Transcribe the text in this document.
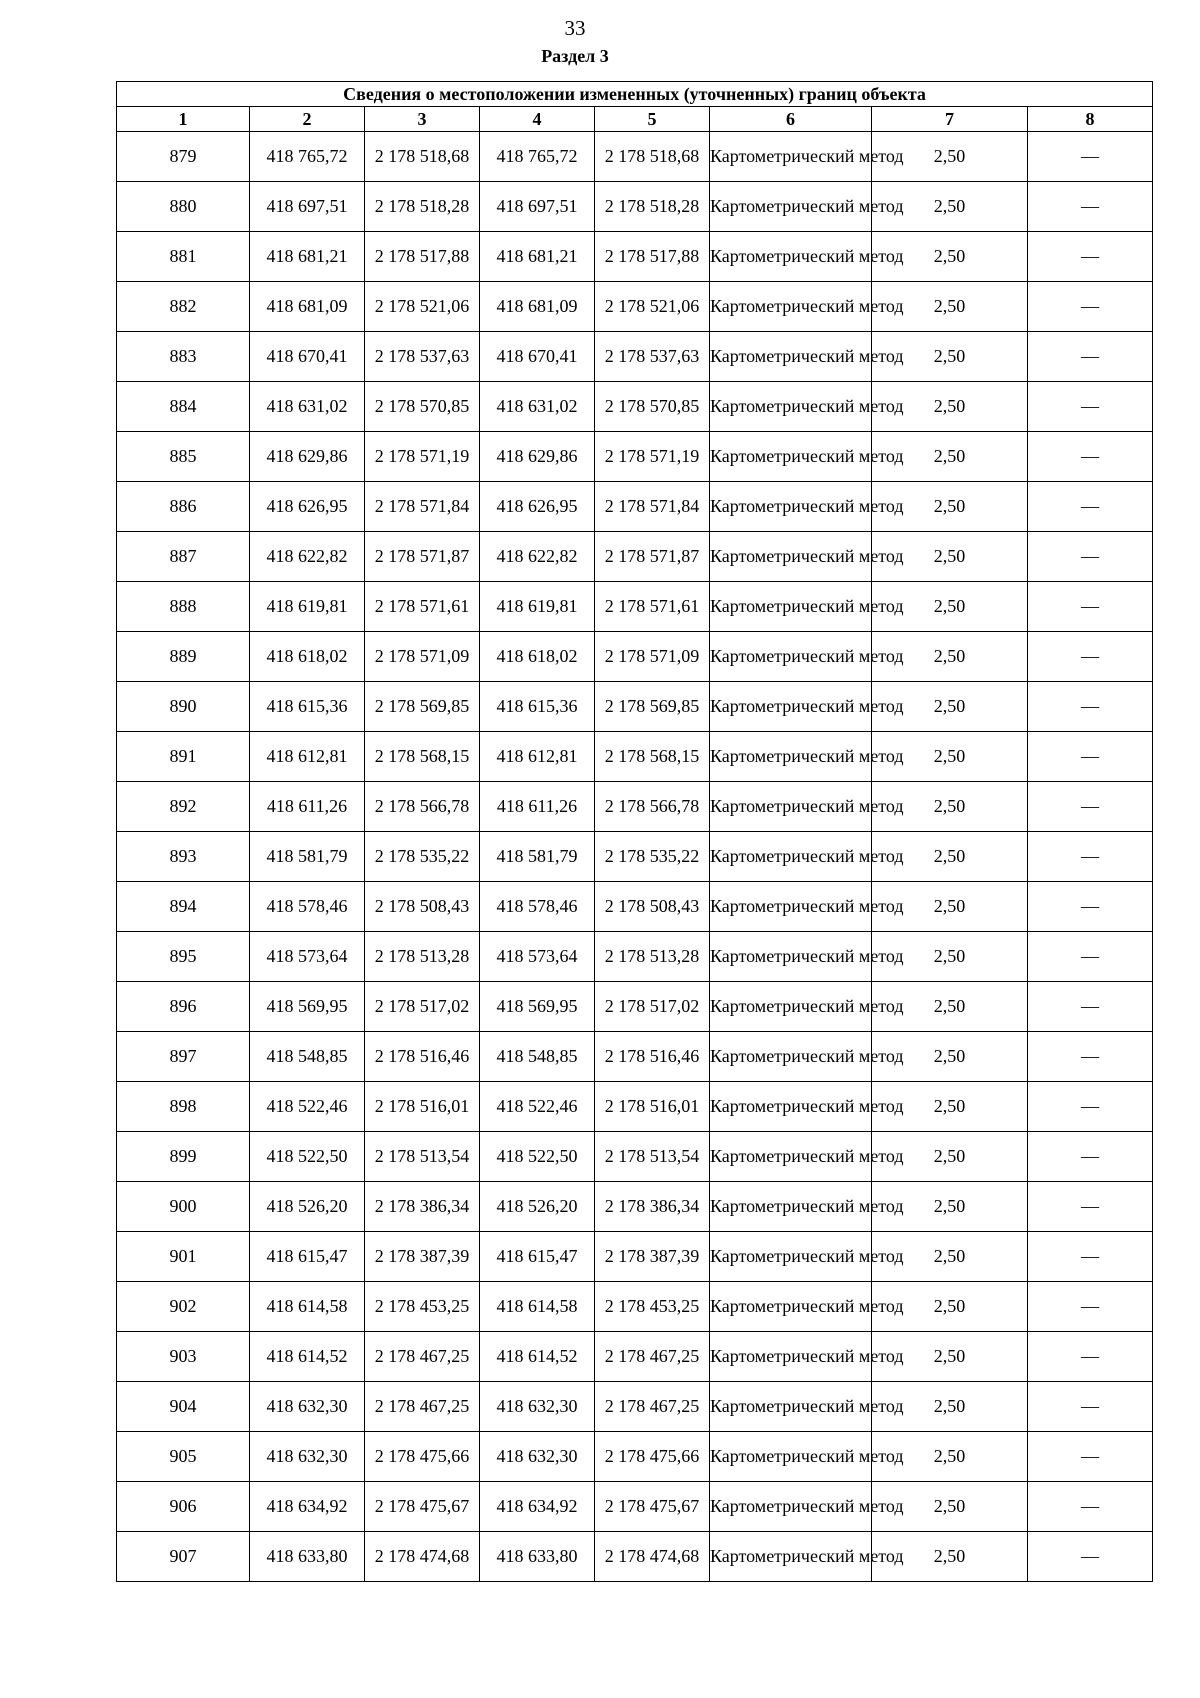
33
Раздел 3
Сведения о местоположении измененных (уточненных) границ объекта							
1	2	3	4	5	6	7	8
879	418 765,72	2 178 518,68	418 765,72	2 178 518,68	Картометрический метод	2,50	—
880	418 697,51	2 178 518,28	418 697,51	2 178 518,28	Картометрический метод	2,50	—
881	418 681,21	2 178 517,88	418 681,21	2 178 517,88	Картометрический метод	2,50	—
882	418 681,09	2 178 521,06	418 681,09	2 178 521,06	Картометрический метод	2,50	—
883	418 670,41	2 178 537,63	418 670,41	2 178 537,63	Картометрический метод	2,50	—
884	418 631,02	2 178 570,85	418 631,02	2 178 570,85	Картометрический метод	2,50	—
885	418 629,86	2 178 571,19	418 629,86	2 178 571,19	Картометрический метод	2,50	—
886	418 626,95	2 178 571,84	418 626,95	2 178 571,84	Картометрический метод	2,50	—
887	418 622,82	2 178 571,87	418 622,82	2 178 571,87	Картометрический метод	2,50	—
888	418 619,81	2 178 571,61	418 619,81	2 178 571,61	Картометрический метод	2,50	—
889	418 618,02	2 178 571,09	418 618,02	2 178 571,09	Картометрический метод	2,50	—
890	418 615,36	2 178 569,85	418 615,36	2 178 569,85	Картометрический метод	2,50	—
891	418 612,81	2 178 568,15	418 612,81	2 178 568,15	Картометрический метод	2,50	—
892	418 611,26	2 178 566,78	418 611,26	2 178 566,78	Картометрический метод	2,50	—
893	418 581,79	2 178 535,22	418 581,79	2 178 535,22	Картометрический метод	2,50	—
894	418 578,46	2 178 508,43	418 578,46	2 178 508,43	Картометрический метод	2,50	—
895	418 573,64	2 178 513,28	418 573,64	2 178 513,28	Картометрический метод	2,50	—
896	418 569,95	2 178 517,02	418 569,95	2 178 517,02	Картометрический метод	2,50	—
897	418 548,85	2 178 516,46	418 548,85	2 178 516,46	Картометрический метод	2,50	—
898	418 522,46	2 178 516,01	418 522,46	2 178 516,01	Картометрический метод	2,50	—
899	418 522,50	2 178 513,54	418 522,50	2 178 513,54	Картометрический метод	2,50	—
900	418 526,20	2 178 386,34	418 526,20	2 178 386,34	Картометрический метод	2,50	—
901	418 615,47	2 178 387,39	418 615,47	2 178 387,39	Картометрический метод	2,50	—
902	418 614,58	2 178 453,25	418 614,58	2 178 453,25	Картометрический метод	2,50	—
903	418 614,52	2 178 467,25	418 614,52	2 178 467,25	Картометрический метод	2,50	—
904	418 632,30	2 178 467,25	418 632,30	2 178 467,25	Картометрический метод	2,50	—
905	418 632,30	2 178 475,66	418 632,30	2 178 475,66	Картометрический метод	2,50	—
906	418 634,92	2 178 475,67	418 634,92	2 178 475,67	Картометрический метод	2,50	—
907	418 633,80	2 178 474,68	418 633,80	2 178 474,68	Картометрический метод	2,50	—
